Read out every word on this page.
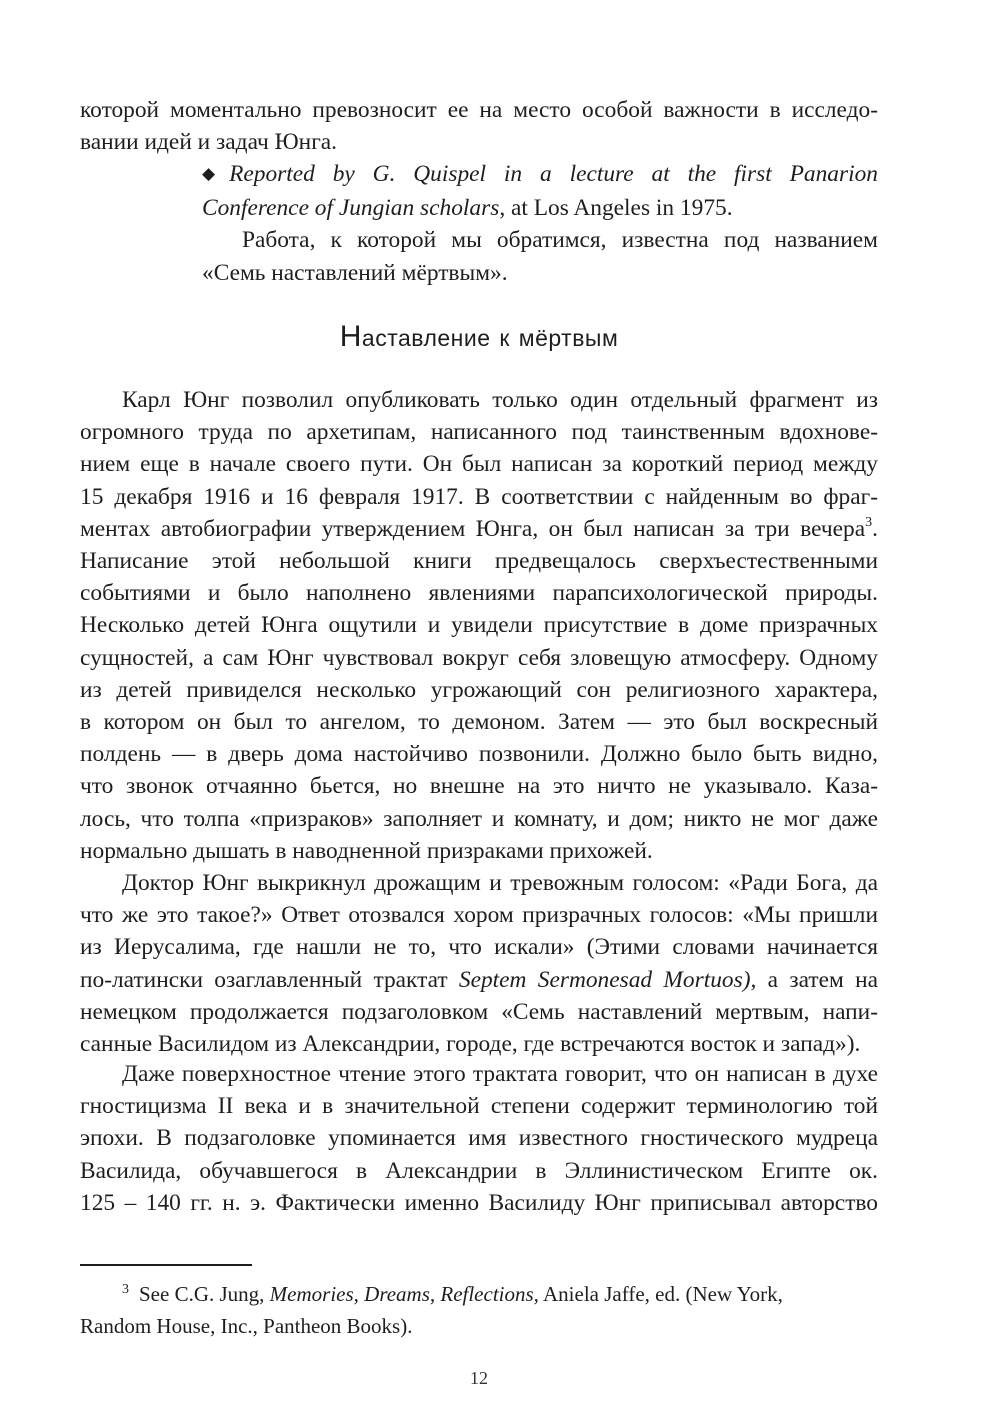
которой моментально превозносит ее на место особой важности в исследо-

вании идей и задач Юнга.

◆Reported by G. Quispel in a lecture at the first Panarion

Conference of Jungian scholars, at Los Angeles in 1975.

Работа, к которой мы обратимся, известна под названием

«Семь наставлений мёртвым».

Наставление к мёртвым

Карл Юнг позволил опубликовать только один отдельный фрагмент из

огромного труда по архетипам, написанного под таинственным вдохнове-

нием еще в начале своего пути. Он был написан за короткий период между

15 декабря 1916 и 16 февраля 1917. В соответствии с найденным во фраг-

ментах автобиографии утверждением Юнга, он был написан за три вечера$^3$.

Написание этой небольшой книги предвещалось сверхъестественными

событиями и было наполнено явлениями парапсихологической природы.

Несколько детей Юнга ощутили и увидели присутствие в доме призрачных

сущностей, а сам Юнг чувствовал вокруг себя зловещую атмосферу. Одному

из детей привиделся несколько угрожающий сон религиозного характера,

в котором он был то ангелом, то демоном. Затем — это был воскресный

полдень — в дверь дома настойчиво позвонили. Должно было быть видно,

что звонок отчаянно бьется, но внешне на это ничто не указывало. Каза-

лось, что толпа «призраков» заполняет и комнату, и дом; никто не мог даже

нормально дышать в наводненной призраками прихожей.

Доктор Юнг выкрикнул дрожащим и тревожным голосом: «Ради Бога, да

что же это такое?» Ответ отозвался хором призрачных голосов: «Мы пришли

из Иерусалима, где нашли не то, что искали» (Этими словами начинается

по-латински озаглавленный трактат Septem Sermonesad Mortuos), а затем на

немецком продолжается подзаголовком «Семь наставлений мертвым, напи-

санные Василидом из Александрии, городе, где встречаются восток и запад»).

Даже поверхностное чтение этого трактата говорит, что он написан в духе

гностицизма II века и в значительной степени содержит терминологию той

эпохи. В подзаголовке упоминается имя известного гностического мудреца

Василида, обучавшегося в Александрии в Эллинистическом Египте ок.

125 – 140 гг. н. э. Фактически именно Василиду Юнг приписывал авторство

$^3$ See C.G. Jung, Memories, Dreams, Reflections, Aniela Jaffe, ed. (New York,

Random House, Inc., Pantheon Books).

12
